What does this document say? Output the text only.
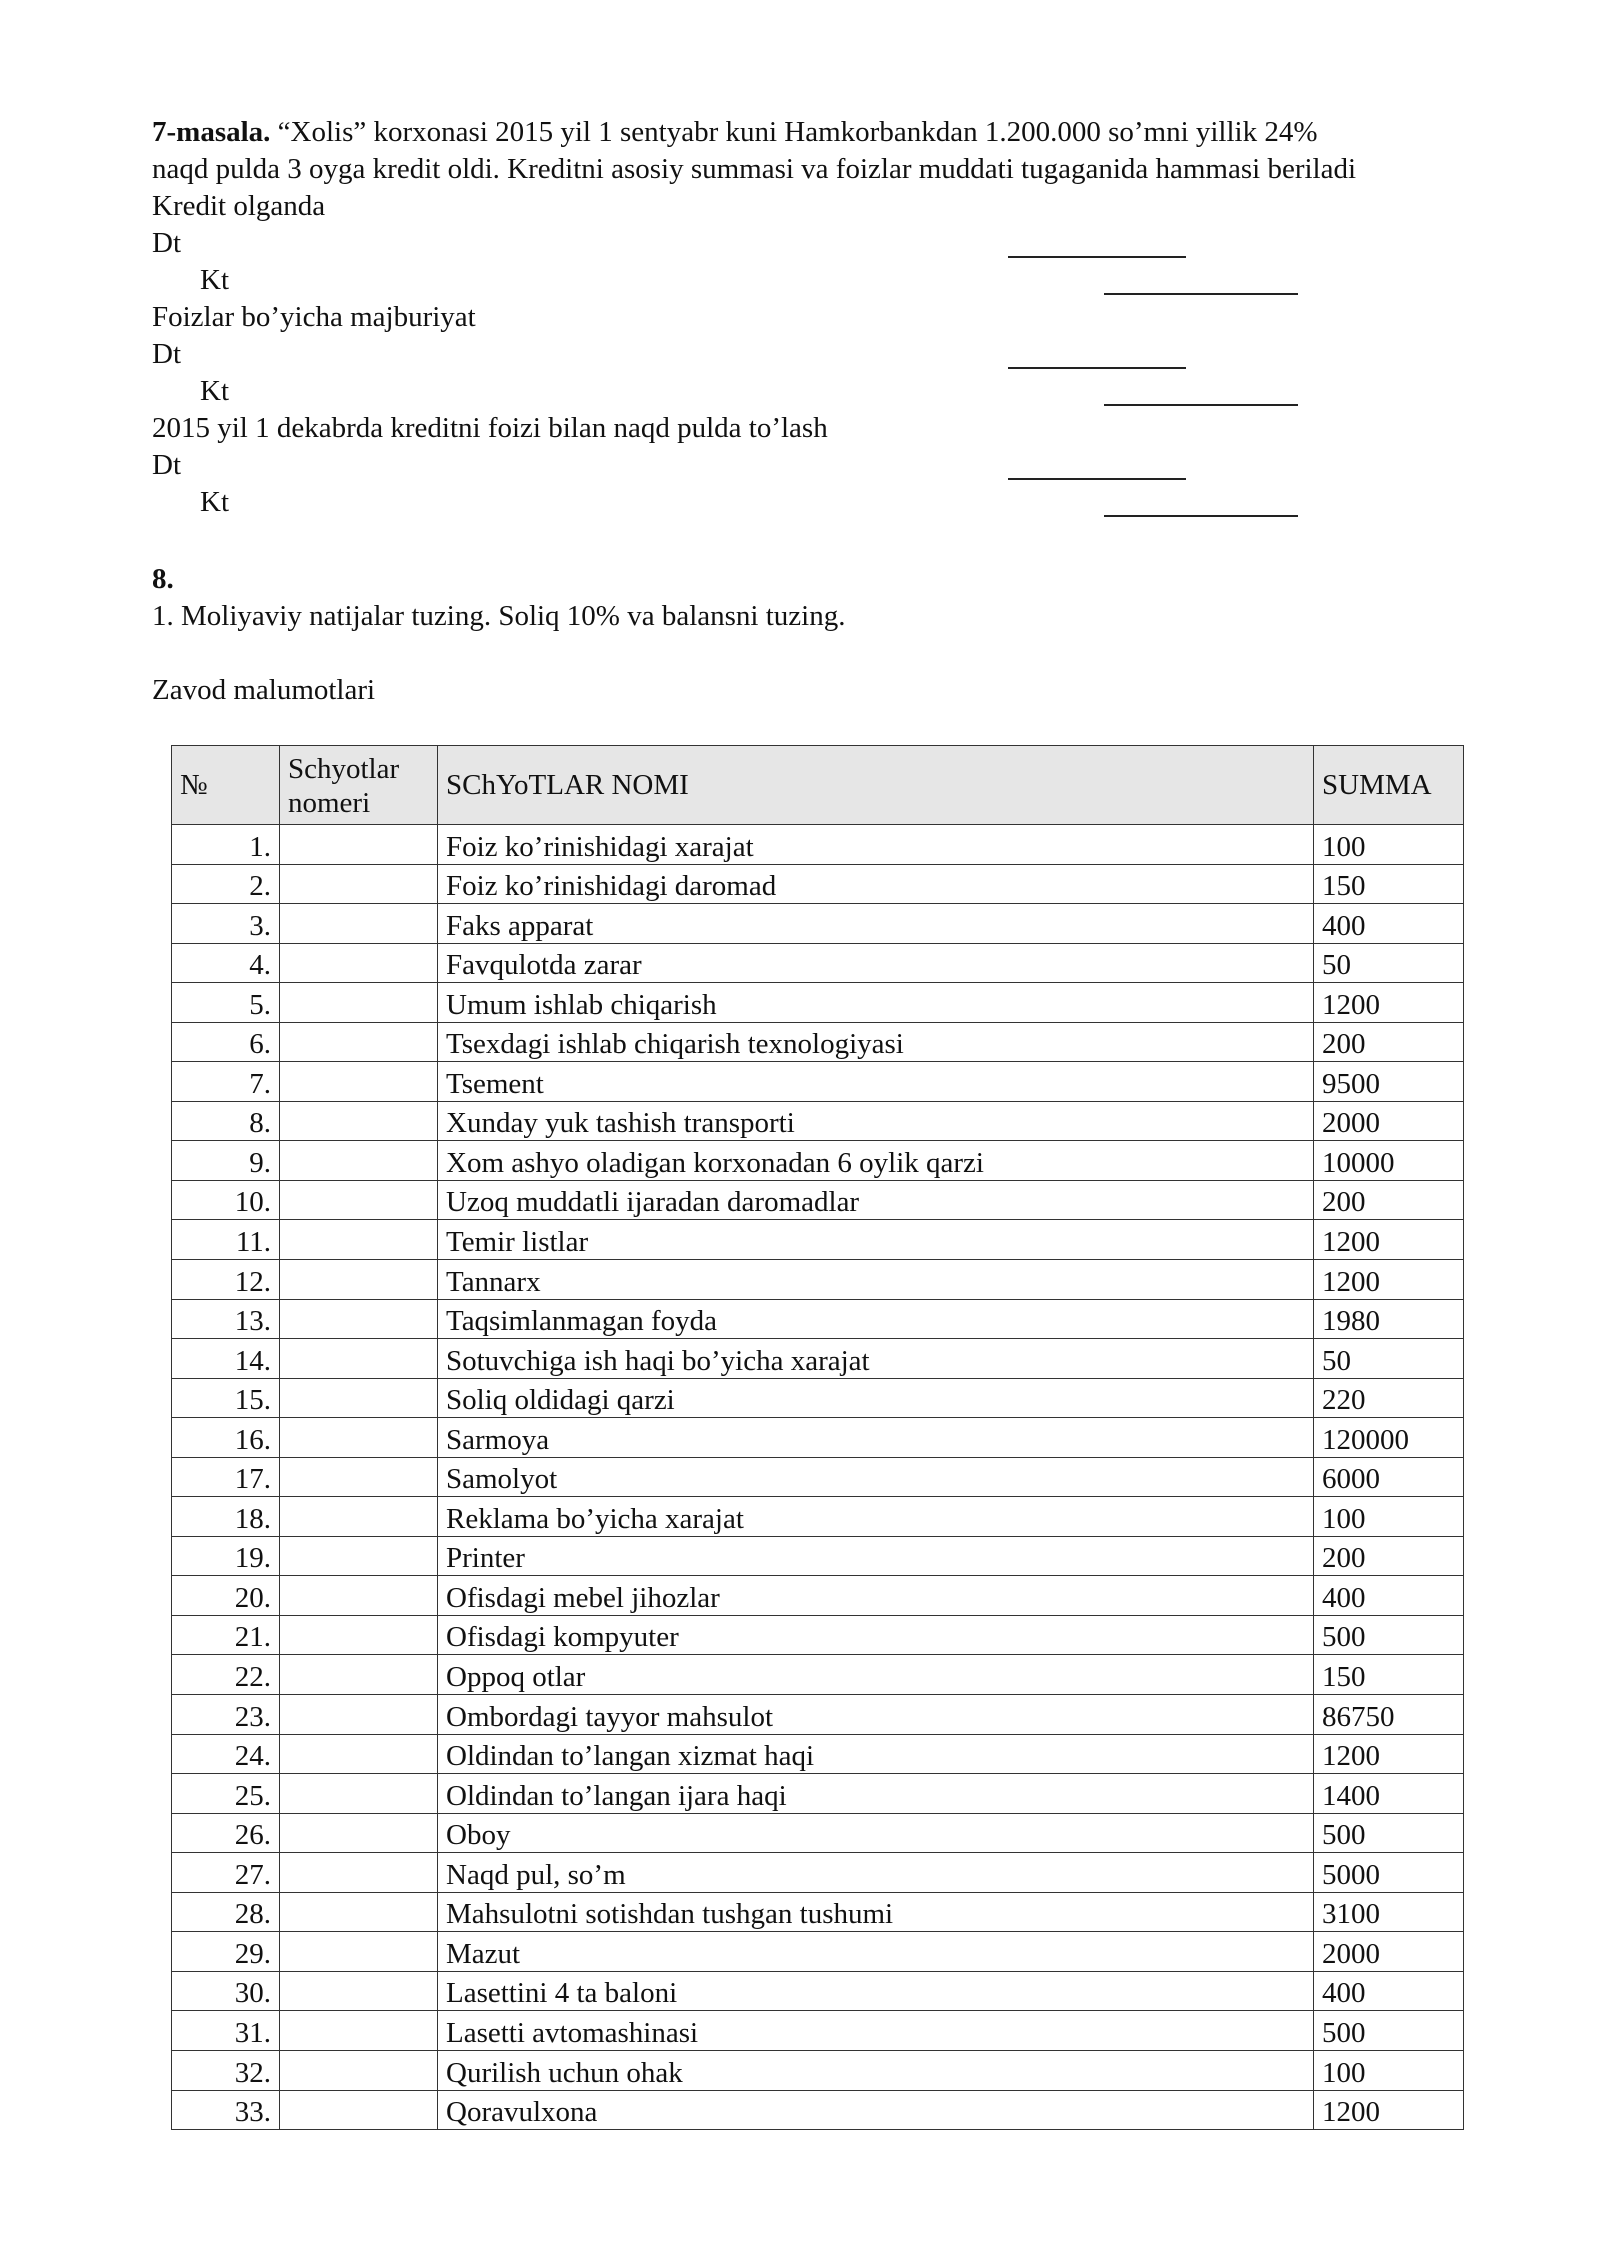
7-masala. “Xolis” korxonasi 2015 yil 1 sentyabr kuni Hamkorbankdan 1.200.000 so’mni yillik 24%
naqd pulda 3 oyga kredit oldi. Kreditni asosiy summasi va foizlar muddati tugaganida hammasi beriladi
Kredit olganda
Dt
Kt
Foizlar bo’yicha majburiyat
Dt
Kt
2015 yil 1 dekabrda kreditni foizi bilan naqd pulda to’lash
Dt
Kt
8.
1. Moliyaviy natijalar tuzing. Soliq 10% va balansni tuzing.
Zavod malumotlari
№	Schyotlar nomeri	SChYoTLAR NOMI	SUMMA
1.		Foiz ko’rinishidagi xarajat	100
2.		Foiz ko’rinishidagi daromad	150
3.		Faks apparat	400
4.		Favqulotda zarar	50
5.		Umum ishlab chiqarish	1200
6.		Tsexdagi ishlab chiqarish texnologiyasi	200
7.		Tsement	9500
8.		Xunday yuk tashish transporti	2000
9.		Xom ashyo oladigan korxonadan 6 oylik qarzi	10000
10.		Uzoq muddatli ijaradan daromadlar	200
11.		Temir listlar	1200
12.		Tannarx	1200
13.		Taqsimlanmagan foyda	1980
14.		Sotuvchiga ish haqi bo’yicha xarajat	50
15.		Soliq oldidagi qarzi	220
16.		Sarmoya	120000
17.		Samolyot	6000
18.		Reklama bo’yicha xarajat	100
19.		Printer	200
20.		Ofisdagi mebel jihozlar	400
21.		Ofisdagi kompyuter	500
22.		Oppoq otlar	150
23.		Ombordagi tayyor mahsulot	86750
24.		Oldindan to’langan xizmat haqi	1200
25.		Oldindan to’langan ijara haqi	1400
26.		Oboy	500
27.		Naqd pul, so’m	5000
28.		Mahsulotni sotishdan tushgan tushumi	3100
29.		Mazut	2000
30.		Lasettini 4 ta baloni	400
31.		Lasetti avtomashinasi	500
32.		Qurilish uchun ohak	100
33.		Qoravulxona	1200
